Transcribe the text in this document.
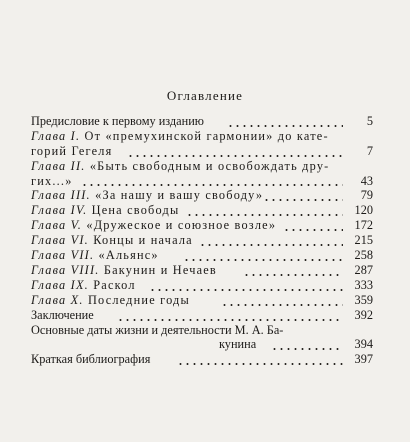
Оглавление
Предисловие к первому изданию	5
Глава I. От «премухинской гармонии» до кате-
горий Гегеля	7
Глава II. «Быть свободным и освобождать дру-
гих...»	43
Глава III. «За нашу и вашу свободу»	79
Глава IV. Цена свободы	120
Глава V. «Дружеское и союзное возле»	172
Глава VI. Концы и начала	215
Глава VII. «Альянс»	258
Глава VIII. Бакунин и Нечаев	287
Глава IX. Раскол	333
Глава X. Последние годы	359
Заключение	392
Основные даты жизни и деятельности М. А. Ба-
кунина	394
Краткая библиография	397
